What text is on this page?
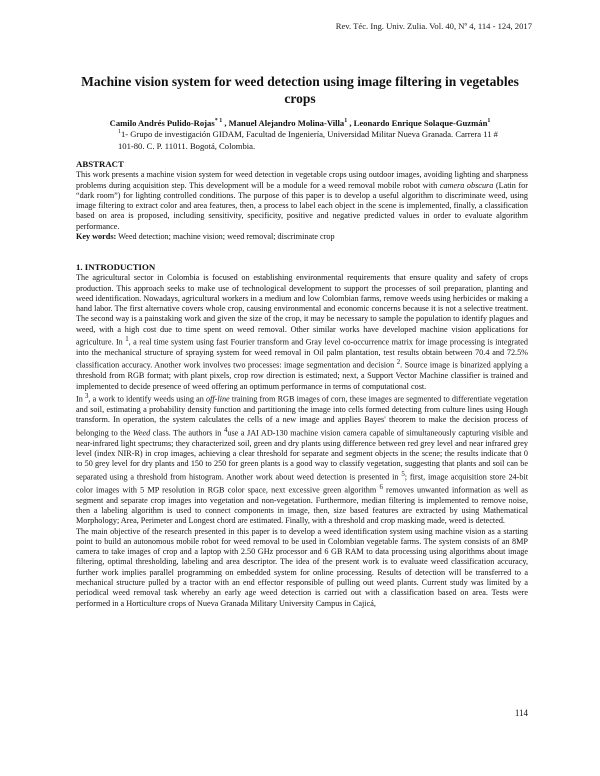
Rev. Téc. Ing. Univ. Zulia. Vol. 40, Nº 4, 114 - 124, 2017
Machine vision system for weed detection using image filtering in vegetables crops
Camilo Andrés Pulido-Rojas$^{* 1}$ , Manuel Alejandro Molina-Villa$^1$ , Leonardo Enrique Solaque-Guzmán$^1$
$^1$1- Grupo de investigación GIDAM, Facultad de Ingeniería, Universidad Militar Nueva Granada. Carrera 11 # 101-80. C. P. 11011. Bogotá, Colombia.
ABSTRACT

This work presents a machine vision system for weed detection in vegetable crops using outdoor images, avoiding lighting and sharpness problems during acquisition step. This development will be a module for a weed removal mobile robot with camera obscura (Latin for “dark room”) for lighting controlled conditions. The purpose of this paper is to develop a useful algorithm to discriminate weed, using image filtering to extract color and area features, then, a process to label each object in the scene is implemented, finally, a classification based on area is proposed, including sensitivity, specificity, positive and negative predicted values in order to evaluate algorithm performance.

Key words: Weed detection; machine vision; weed removal; discriminate crop

1. INTRODUCTION

The agricultural sector in Colombia is focused on establishing environmental requirements that ensure quality and safety of crops production. This approach seeks to make use of technological development to support the processes of soil preparation, planting and weed identification. Nowadays, agricultural workers in a medium and low Colombian farms, remove weeds using herbicides or making a hand labor. The first alternative covers whole crop, causing environmental and economic concerns because it is not a selective treatment. The second way is a painstaking work and given the size of the crop, it may be necessary to sample the population to identify plagues and weed, with a high cost due to time spent on weed removal. Other similar works have developed machine vision applications for agriculture. In $^1$, a real time system using fast Fourier transform and Gray level co-occurrence matrix for image processing is integrated into the mechanical structure of spraying system for weed removal in Oil palm plantation, test results obtain between 70.4 and 72.5% classification accuracy. Another work involves two processes: image segmentation and decision $^2$. Source image is binarized applying a threshold from RGB format; with plant pixels, crop row direction is estimated; next, a Support Vector Machine classifier is trained and implemented to decide presence of weed offering an optimum performance in terms of computational cost.

In $^3$, a work to identify weeds using an off-line training from RGB images of corn, these images are segmented to differentiate vegetation and soil, estimating a probability density function and partitioning the image into cells formed detecting from culture lines using Hough transform. In operation, the system calculates the cells of a new image and applies Bayes' theorem to make the decision process of belonging to the Weed class. The authors in $^4$use a JAI AD-130 machine vision camera capable of simultaneously capturing visible and near-infrared light spectrums; they characterized soil, green and dry plants using difference between red grey level and near infrared grey level (index NIR-R) in crop images, achieving a clear threshold for separate and segment objects in the scene; the results indicate that 0 to 50 grey level for dry plants and 150 to 250 for green plants is a good way to classify vegetation, suggesting that plants and soil can be separated using a threshold from histogram. Another work about weed detection is presented in $^5$; first, image acquisition store 24-bit color images with 5 MP resolution in RGB color space, next excessive green algorithm $^6$ removes unwanted information as well as segment and separate crop images into vegetation and non-vegetation. Furthermore, median filtering is implemented to remove noise, then a labeling algorithm is used to connect components in image, then, size based features are extracted by using Mathematical Morphology; Area, Perimeter and Longest chord are estimated. Finally, with a threshold and crop masking made, weed is detected.

The main objective of the research presented in this paper is to develop a weed identification system using machine vision as a starting point to build an autonomous mobile robot for weed removal to be used in Colombian vegetable farms. The system consists of an 8MP camera to take images of crop and a laptop with 2.50 GHz processor and 6 GB RAM to data processing using algorithms about image filtering, optimal thresholding, labeling and area descriptor. The idea of the present work is to evaluate weed classification accuracy, further work implies parallel programming on embedded system for online processing. Results of detection will be transferred to a mechanical structure pulled by a tractor with an end effector responsible of pulling out weed plants. Current study was limited by a periodical weed removal task whereby an early age weed detection is carried out with a classification based on area. Tests were performed in a Horticulture crops of Nueva Granada Military University Campus in Cajicá,

114
